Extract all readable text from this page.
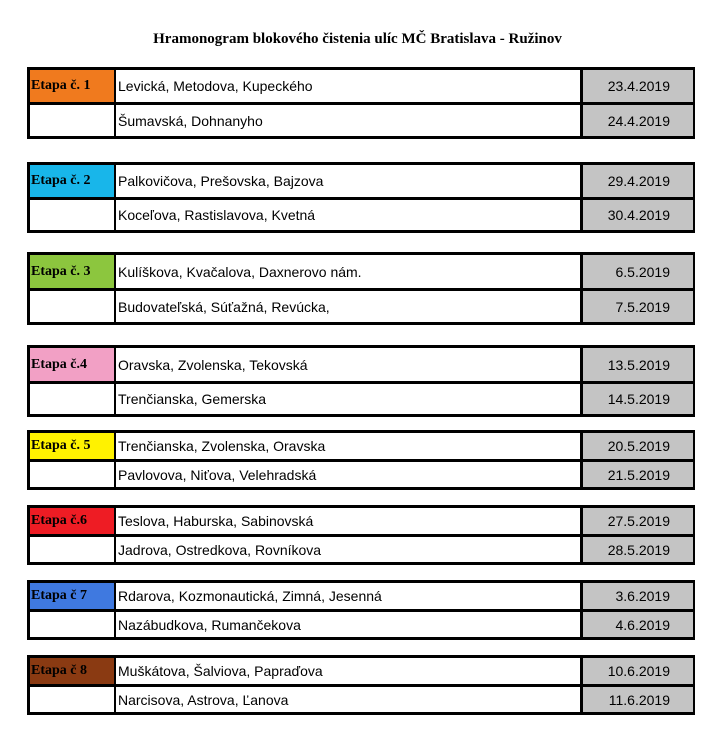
Hramonogram blokového čistenia ulíc MČ Bratislava - Ružinov
Etapa č. 1	Levická, Metodova, Kupeckého	23.4.2019
Šumavská, Dohnanyho	24.4.2019
Etapa č. 2	Palkovičova, Prešovska, Bajzova	29.4.2019
Koceľova, Rastislavova, Kvetná	30.4.2019
Etapa č. 3	Kulíškova, Kvačalova, Daxnerovo nám.	6.5.2019
Budovateľská, Súťažná, Revúcka,	7.5.2019
Etapa č.4	Oravska, Zvolenska, Tekovská	13.5.2019
Trenčianska, Gemerska	14.5.2019
Etapa č. 5	Trenčianska, Zvolenska, Oravska	20.5.2019
Pavlovova, Niťova, Velehradská	21.5.2019
Etapa č.6	Teslova, Haburska, Sabinovská	27.5.2019
Jadrova, Ostredkova, Rovníkova	28.5.2019
Etapa č 7	Rdarova, Kozmonautická, Zimná, Jesenná	3.6.2019
Nazábudkova, Rumančekova	4.6.2019
Etapa č 8	Muškátova, Šalviova, Papraďova	10.6.2019
Narcisova, Astrova, Ľanova	11.6.2019
